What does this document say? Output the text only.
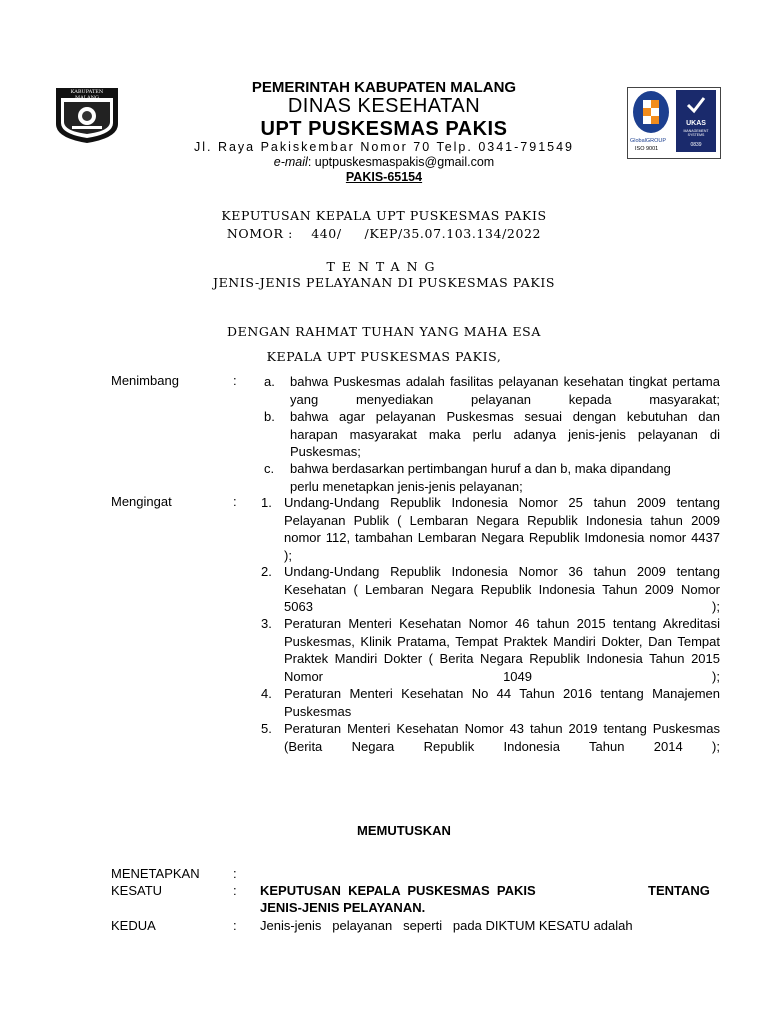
KABUPATEN MALANG
GlobalGROUP
ISO 9001
UKAS
MANAGEMENT SYSTEMS
0839
PEMERINTAH KABUPATEN MALANG
DINAS KESEHATAN
UPT PUSKESMAS PAKIS
Jl. Raya Pakiskembar Nomor 70 Telp. 0341-791549
e-mail: uptpuskesmaspakis@gmail.com
PAKIS-65154
KEPUTUSAN KEPALA UPT PUSKESMAS PAKIS
NOMOR :    440/     /KEP/35.07.103.134/2022
TENTANG
JENIS-JENIS PELAYANAN DI PUSKESMAS PAKIS
DENGAN RAHMAT TUHAN YANG MAHA ESA
KEPALA UPT PUSKESMAS PAKIS,
Menimbang	: a. bahwa Puskesmas adalah fasilitas pelayanan kesehatan tingkat pertama yang menyediakan pelayanan kepada masyarakat;
b. bahwa agar pelayanan Puskesmas sesuai dengan kebutuhan dan harapan masyarakat maka perlu adanya jenis-jenis pelayanan di Puskesmas;
c. bahwa berdasarkan pertimbangan huruf a dan b, maka dipandang perlu menetapkan jenis-jenis pelayanan;
Mengingat	: 1. Undang-Undang Republik Indonesia Nomor 25 tahun 2009 tentang Pelayanan Publik ( Lembaran Negara Republik Indonesia tahun 2009 nomor 112, tambahan Lembaran Negara Republik Imdonesia nomor 4437 );
2. Undang-Undang Republik Indonesia Nomor 36 tahun 2009 tentang Kesehatan ( Lembaran Negara Republik Indonesia Tahun 2009 Nomor 5063 );
3. Peraturan Menteri Kesehatan Nomor 46 tahun 2015 tentang Akreditasi Puskesmas, Klinik Pratama, Tempat Praktek Mandiri Dokter, Dan Tempat Praktek Mandiri Dokter ( Berita Negara Republik Indonesia Tahun 2015 Nomor 1049 );
4. Peraturan Menteri Kesehatan No 44 Tahun 2016 tentang Manajemen Puskesmas
5. Peraturan Menteri Kesehatan Nomor 43 tahun 2019 tentang Puskesmas (Berita Negara Republik Indonesia Tahun 2014 );
MEMUTUSKAN
MENETAPKAN	:
KESATU	: KEPUTUSAN  KEPALA  PUSKESMAS  PAKIS	TENTANG
JENIS-JENIS PELAYANAN.
KEDUA	: Jenis-jenis   pelayanan   seperti   pada DIKTUM KESATU adalah
